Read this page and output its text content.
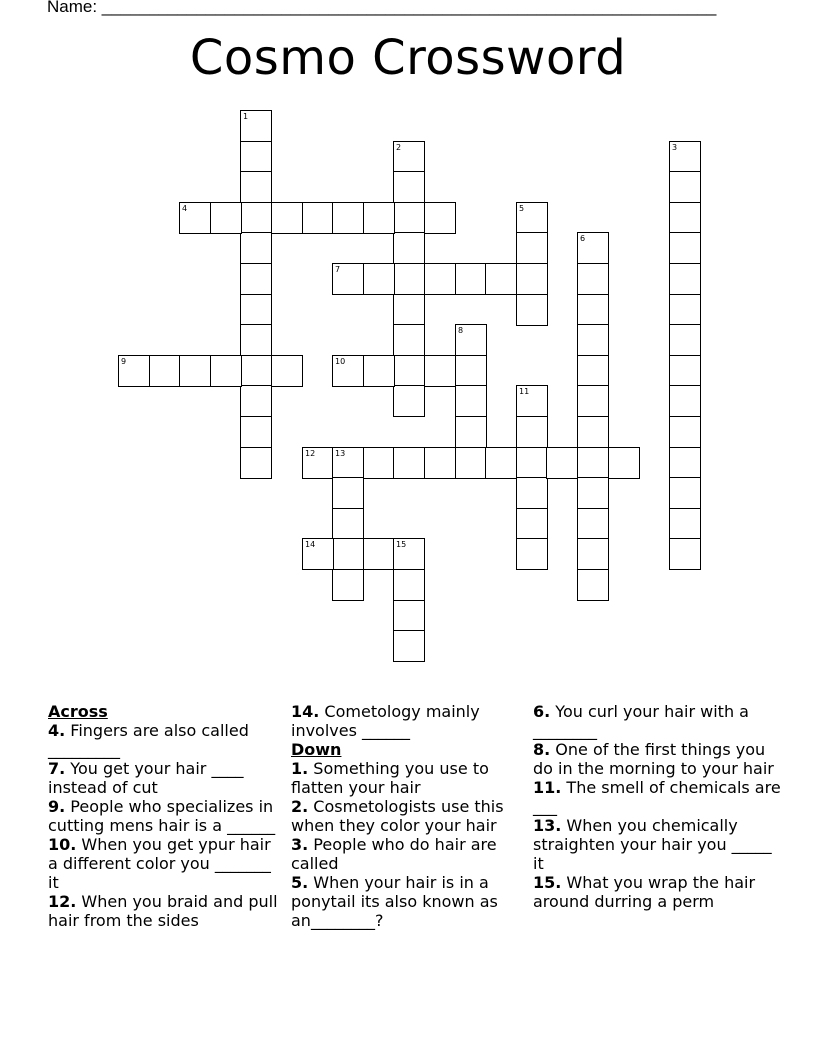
Name: _________________________________________________________________
Cosmo Crossword
1
2	3
4	5
6
7
8
9	10
11
12 13
14	15

Across

4. Fingers are also called _________

7. You get your hair ____ instead of cut

9. People who specializes in cutting mens hair is a ______

10. When you get ypur hair a different color you _______ it

12. When you braid and pull hair from the sides

14. Cometology mainly involves ______

Down

1. Something you use to flatten your hair

2. Cosmetologists use this when they color your hair

3. People who do hair are called

5. When your hair is in a ponytail its also known as an________?

6. You curl your hair with a ________

8. One of the first things you do in the morning to your hair

11. The smell of chemicals are ___

13. When you chemically straighten your hair you _____ it

15. What you wrap the hair around durring a perm
